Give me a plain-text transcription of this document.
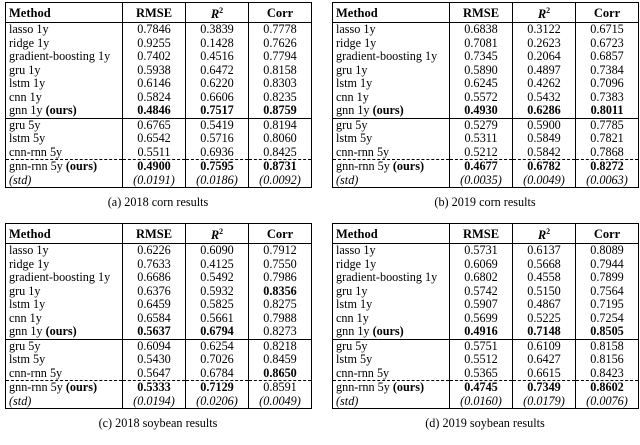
Method	RMSE	$R^2$	Corr
lasso 1y	0.7846	0.3839	0.7778
ridge 1y	0.9255	0.1428	0.7626
gradient-boosting 1y	0.7402	0.4516	0.7794
gru 1y	0.5938	0.6472	0.8158
lstm 1y	0.6146	0.6220	0.8303
cnn 1y	0.5824	0.6606	0.8235
gnn 1y (ours)	0.4846	0.7517	0.8759
gru 5y	0.6765	0.5419	0.8194
lstm 5y	0.6542	0.5716	0.8060
cnn-rnn 5y	0.5511	0.6936	0.8425
gnn-rnn 5y (ours)	0.4900	0.7595	0.8731
(std)	(0.0191)	(0.0186)	(0.0092)
(a) 2018 corn results
Method	RMSE	$R^2$	Corr
lasso 1y	0.6838	0.3122	0.6715
ridge 1y	0.7081	0.2623	0.6723
gradient-boosting 1y	0.7345	0.2064	0.6857
gru 1y	0.5890	0.4897	0.7384
lstm 1y	0.6245	0.4262	0.7096
cnn 1y	0.5572	0.5432	0.7383
gnn 1y (ours)	0.4930	0.6286	0.8011
gru 5y	0.5279	0.5900	0.7785
lstm 5y	0.5311	0.5849	0.7821
cnn-rnn 5y	0.5212	0.5842	0.7868
gnn-rnn 5y (ours)	0.4677	0.6782	0.8272
(std)	(0.0035)	(0.0049)	(0.0063)
(b) 2019 corn results
Method	RMSE	$R^2$	Corr
lasso 1y	0.6226	0.6090	0.7912
ridge 1y	0.7633	0.4125	0.7550
gradient-boosting 1y	0.6686	0.5492	0.7986
gru 1y	0.6376	0.5932	0.8356
lstm 1y	0.6459	0.5825	0.8275
cnn 1y	0.6584	0.5661	0.7988
gnn 1y (ours)	0.5637	0.6794	0.8273
gru 5y	0.6094	0.6254	0.8218
lstm 5y	0.5430	0.7026	0.8459
cnn-rnn 5y	0.5647	0.6784	0.8650
gnn-rnn 5y (ours)	0.5333	0.7129	0.8591
(std)	(0.0194)	(0.0206)	(0.0049)
(c) 2018 soybean results
Method	RMSE	$R^2$	Corr
lasso 1y	0.5731	0.6137	0.8089
ridge 1y	0.6069	0.5668	0.7944
gradient-boosting 1y	0.6802	0.4558	0.7899
gru 1y	0.5742	0.5150	0.7564
lstm 1y	0.5907	0.4867	0.7195
cnn 1y	0.5699	0.5225	0.7254
gnn 1y (ours)	0.4916	0.7148	0.8505
gru 5y	0.5751	0.6109	0.8158
lstm 5y	0.5512	0.6427	0.8156
cnn-rnn 5y	0.5365	0.6615	0.8423
gnn-rnn 5y (ours)	0.4745	0.7349	0.8602
(std)	(0.0160)	(0.0179)	(0.0076)
(d) 2019 soybean results
